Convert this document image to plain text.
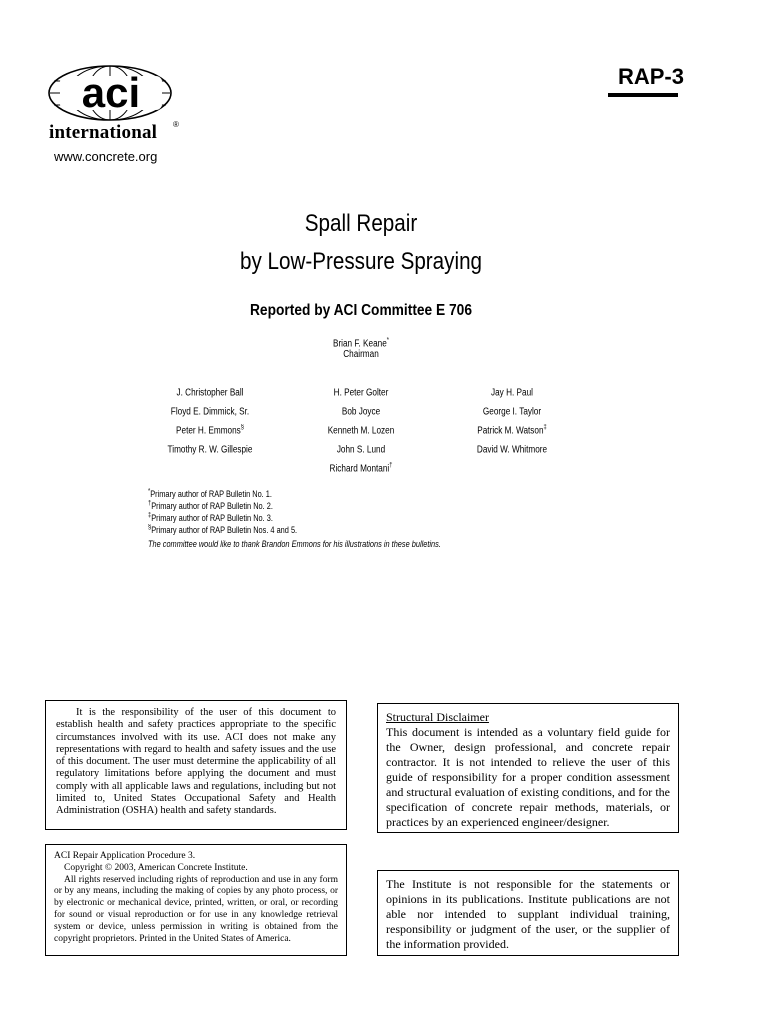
aci
international ®
www.concrete.org
RAP-3
Spall Repair
by Low-Pressure Spraying
Reported by ACI Committee E 706
Brian F. Keane*
Chairman
J. Christopher Ball
Floyd E. Dimmick, Sr.
Peter H. Emmons§
Timothy R. W. Gillespie
H. Peter Golter
Bob Joyce
Kenneth M. Lozen
John S. Lund
Richard Montani†
Jay H. Paul
George I. Taylor
Patrick M. Watson‡
David W. Whitmore
*Primary author of RAP Bulletin No. 1.
†Primary author of RAP Bulletin No. 2.
‡Primary author of RAP Bulletin No. 3.
§Primary author of RAP Bulletin Nos. 4 and 5.
The committee would like to thank Brandon Emmons for his illustrations in these bulletins.

It is the responsibility of the user of this document to establish health and safety practices appropriate to the specific circumstances involved with its use. ACI does not make any representations with regard to health and safety issues and the use of this document. The user must determine the applicability of all regulatory limitations before applying the document and must comply with all applicable laws and regulations, including but not limited to, United States Occupational Safety and Health Administration (OSHA) health and safety standards.

Structural Disclaimer

This document is intended as a voluntary field guide for the Owner, design professional, and concrete repair contractor. It is not intended to relieve the user of this guide of responsibility for a proper condition assessment and structural evaluation of existing conditions, and for the specification of concrete repair methods, materials, or practices by an experienced engineer/designer.

ACI Repair Application Procedure 3.

Copyright © 2003, American Concrete Institute.

All rights reserved including rights of reproduction and use in any form or by any means, including the making of copies by any photo process, or by electronic or mechanical device, printed, written, or oral, or recording for sound or visual reproduction or for use in any knowledge retrieval system or device, unless permission in writing is obtained from the copyright proprietors. Printed in the United States of America.

The Institute is not responsible for the statements or opinions in its publications. Institute publications are not able nor intended to supplant individual training, responsibility or judgment of the user, or the supplier of the information provided.
